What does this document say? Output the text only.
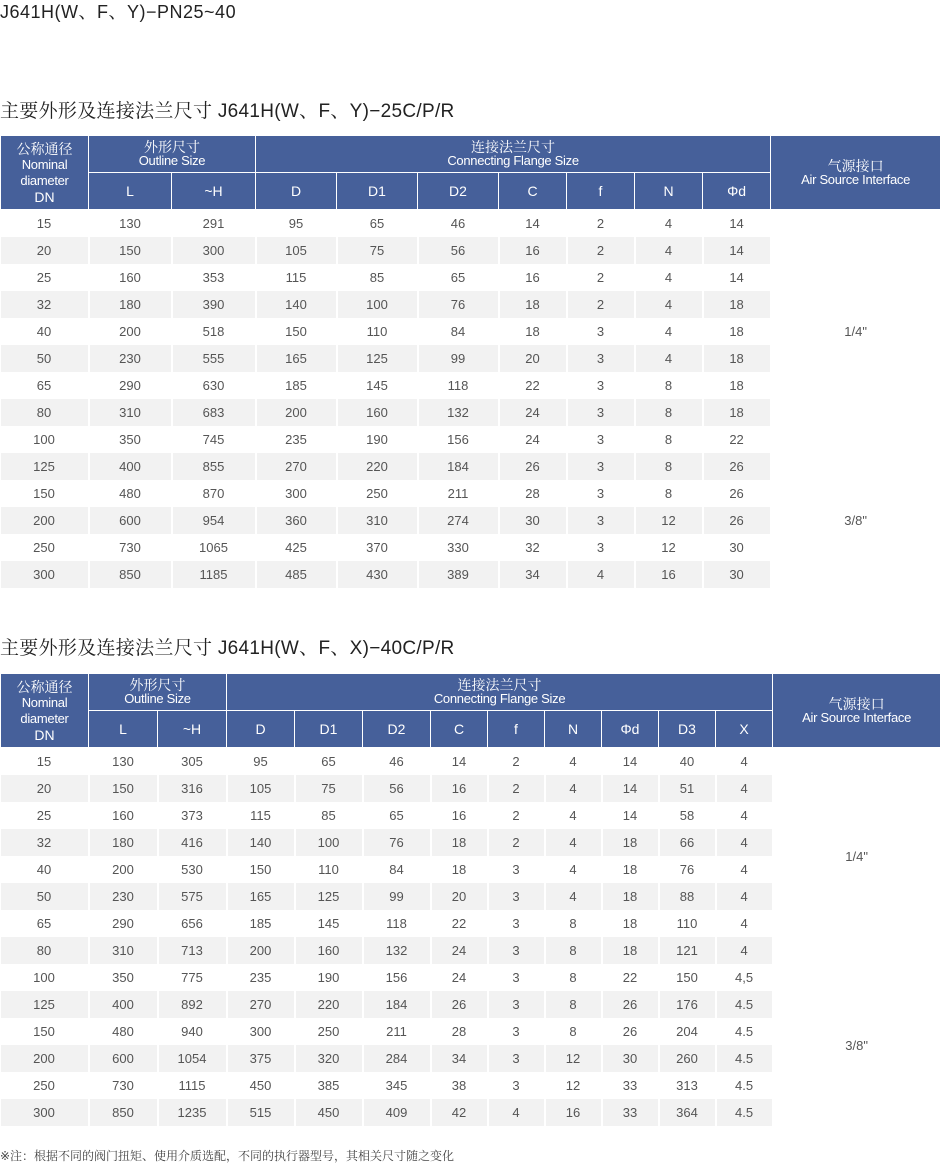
J641H(W、F、Y)−PN25~40
主要外形及连接法兰尺寸 J641H(W、F、Y)−25C/P/R
公称通径
Nominal
diameter
DN	外形尺寸
Outline Size		连接法兰尺寸
Connecting Flange Size							气源接口
Air Source Interface

	L	~H	D	D1	D2	C	f	N	Φd	
15	130	291	95	65	46	14	2	4	14	1/4"
20	150	300	105	75	56	16	2	4	14	
25	160	353	115	85	65	16	2	4	14	
32	180	390	140	100	76	18	2	4	18	
40	200	518	150	110	84	18	3	4	18	
50	230	555	165	125	99	20	3	4	18	
65	290	630	185	145	118	22	3	8	18	
80	310	683	200	160	132	24	3	8	18	
100	350	745	235	190	156	24	3	8	22	
125	400	855	270	220	184	26	3	8	26	3/8"
150	480	870	300	250	211	28	3	8	26	
200	600	954	360	310	274	30	3	12	26	
250	730	1065	425	370	330	32	3	12	30	
300	850	1185	485	430	389	34	4	16	30	
主要外形及连接法兰尺寸 J641H(W、F、X)−40C/P/R
公称通径
Nominal
diameter
DN	外形尺寸
Outline Size		连接法兰尺寸
Connecting Flange Size									气源接口
Air Source Interface

	L	~H	D	D1	D2	C	f	N	Φd	D3	X	
15	130	305	95	65	46	14	2	4	14	40	4	1/4"
20	150	316	105	75	56	16	2	4	14	51	4	
25	160	373	115	85	65	16	2	4	14	58	4	
32	180	416	140	100	76	18	2	4	18	66	4	
40	200	530	150	110	84	18	3	4	18	76	4	
50	230	575	165	125	99	20	3	4	18	88	4	
65	290	656	185	145	118	22	3	8	18	110	4	
80	310	713	200	160	132	24	3	8	18	121	4	
100	350	775	235	190	156	24	3	8	22	150	4,5	3/8"
125	400	892	270	220	184	26	3	8	26	176	4.5	
150	480	940	300	250	211	28	3	8	26	204	4.5	
200	600	1054	375	320	284	34	3	12	30	260	4.5	
250	730	1115	450	385	345	38	3	12	33	313	4.5	
300	850	1235	515	450	409	42	4	16	33	364	4.5	
※注：根据不同的阀门扭矩、使用介质选配，不同的执行器型号，其相关尺寸随之变化
